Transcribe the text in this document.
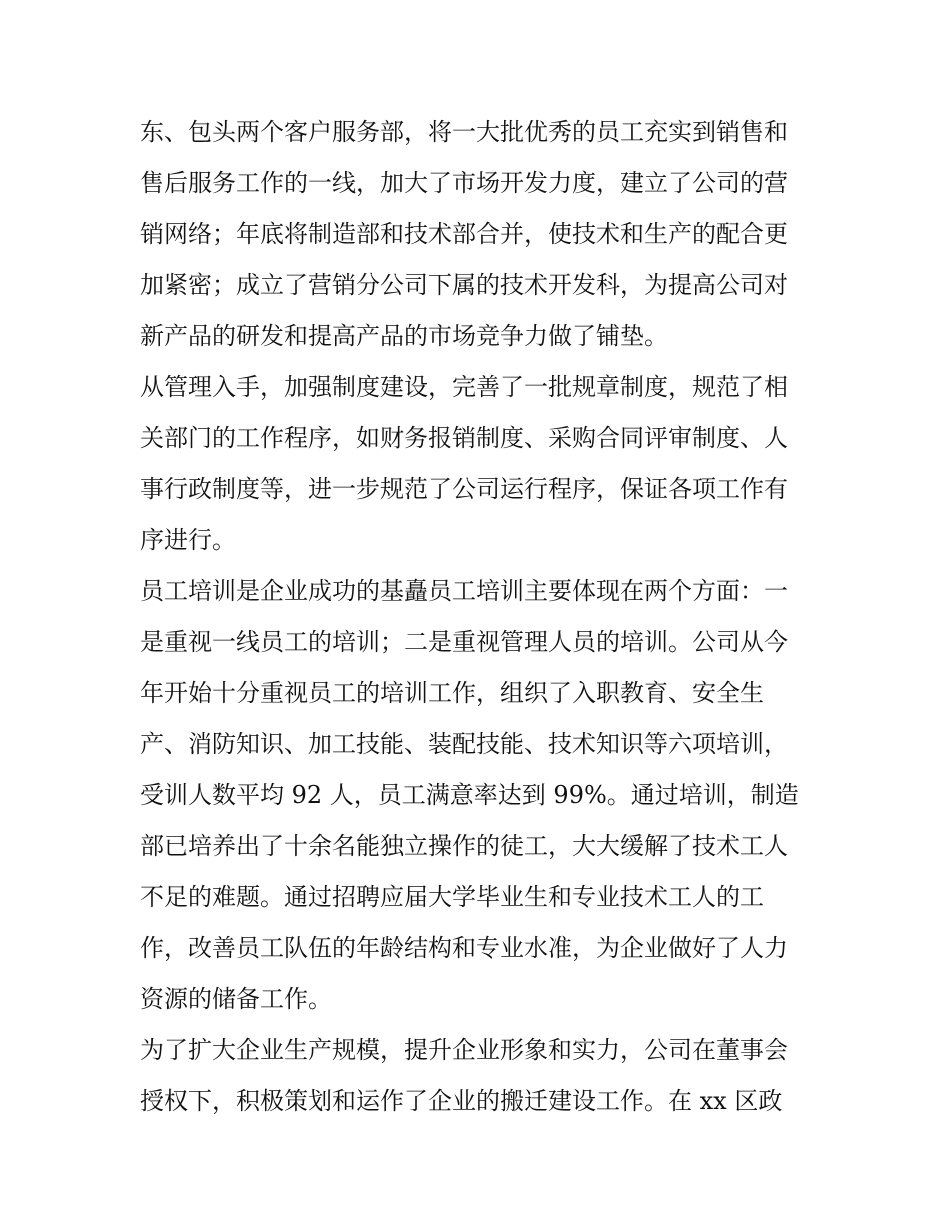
东、包头两个客户服务部，将一大批优秀的员工充实到销售和
售后服务工作的一线，加大了市场开发力度，建立了公司的营
销网络；年底将制造部和技术部合并，使技术和生产的配合更
加紧密；成立了营销分公司下属的技术开发科，为提高公司对
新产品的研发和提高产品的市场竞争力做了铺垫。
从管理入手，加强制度建设，完善了一批规章制度，规范了相
关部门的工作程序，如财务报销制度、采购合同评审制度、人
事行政制度等，进一步规范了公司运行程序，保证各项工作有
序进行。
员工培训是企业成功的基矗员工培训主要体现在两个方面：一
是重视一线员工的培训；二是重视管理人员的培训。公司从今
年开始十分重视员工的培训工作，组织了入职教育、安全生
产、消防知识、加工技能、装配技能、技术知识等六项培训，
受训人数平均 92 人，员工满意率达到 99%。通过培训，制造
部已培养出了十余名能独立操作的徒工，大大缓解了技术工人
不足的难题。通过招聘应届大学毕业生和专业技术工人的工
作，改善员工队伍的年龄结构和专业水准，为企业做好了人力
资源的储备工作。
为了扩大企业生产规模，提升企业形象和实力，公司在董事会
授权下，积极策划和运作了企业的搬迁建设工作。在 xx 区政
